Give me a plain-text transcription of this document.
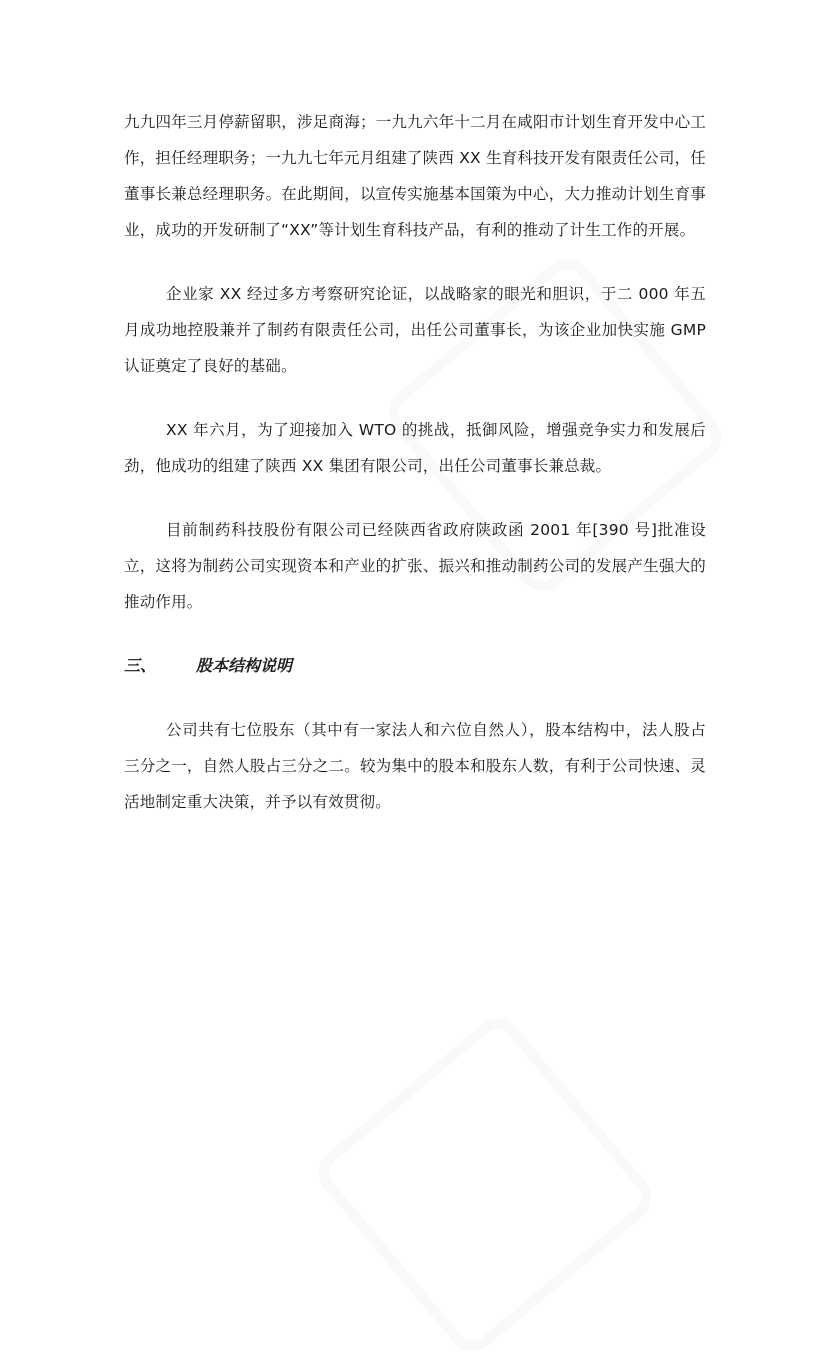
九九四年三月停薪留职，涉足商海；一九九六年十二月在咸阳市计划生育开发中心工作，担任经理职务；一九九七年元月组建了陕西 XX 生育科技开发有限责任公司，任董事长兼总经理职务。在此期间，以宣传实施基本国策为中心，大力推动计划生育事业，成功的开发研制了“XX”等计划生育科技产品，有利的推动了计生工作的开展。

企业家 XX 经过多方考察研究论证，以战略家的眼光和胆识，于二 000 年五月成功地控股兼并了制药有限责任公司，出任公司董事长，为该企业加快实施 GMP 认证奠定了良好的基础。

XX 年六月，为了迎接加入 WTO 的挑战，抵御风险，增强竞争实力和发展后劲，他成功的组建了陕西 XX 集团有限公司，出任公司董事长兼总裁。

目前制药科技股份有限公司已经陕西省政府陕政函 2001 年[390 号]批准设立，这将为制药公司实现资本和产业的扩张、振兴和推动制药公司的发展产生强大的推动作用。

三、	股本结构说明

公司共有七位股东（其中有一家法人和六位自然人），股本结构中，法人股占三分之一，自然人股占三分之二。较为集中的股本和股东人数，有利于公司快速、灵活地制定重大决策，并予以有效贯彻。
